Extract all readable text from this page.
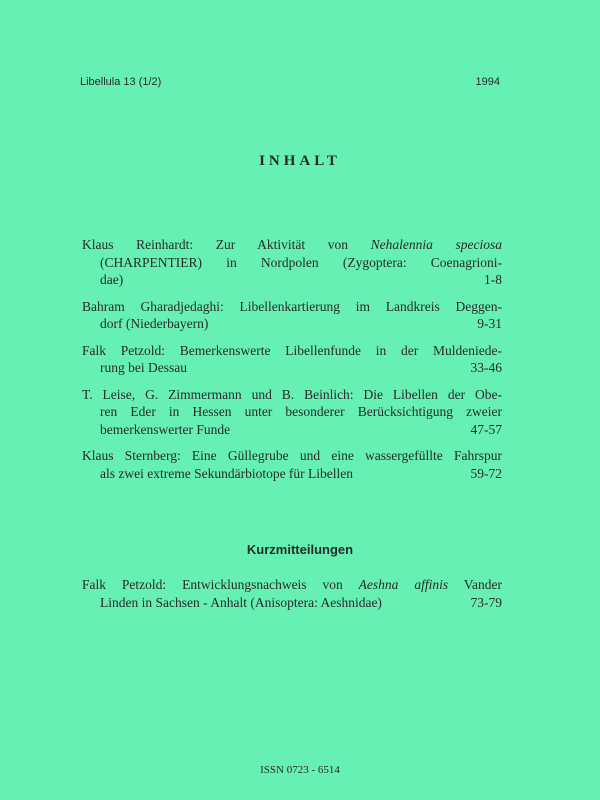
Libellula 13 (1/2)	1994
INHALT
Klaus Reinhardt: Zur Aktivität von Nehalennia speciosa
(CHARPENTIER) in Nordpolen (Zygoptera: Coenagrioni-
dae)	1-8
Bahram Gharadjedaghi: Libellenkartierung im Landkreis Deggen-
dorf (Niederbayern)	9-31
Falk Petzold: Bemerkenswerte Libellenfunde in der Muldeniede-
rung bei Dessau	33-46
T. Leise, G. Zimmermann und B. Beinlich: Die Libellen der Obe-
ren Eder in Hessen unter besonderer Berücksichtigung zweier
bemerkenswerter Funde	47-57
Klaus Sternberg: Eine Güllegrube und eine wassergefüllte Fahrspur
als zwei extreme Sekundärbiotope für Libellen	59-72
Kurzmitteilungen
Falk Petzold: Entwicklungsnachweis von Aeshna affinis Vander
Linden in Sachsen - Anhalt (Anisoptera: Aeshnidae)	73-79
ISSN 0723 - 6514
